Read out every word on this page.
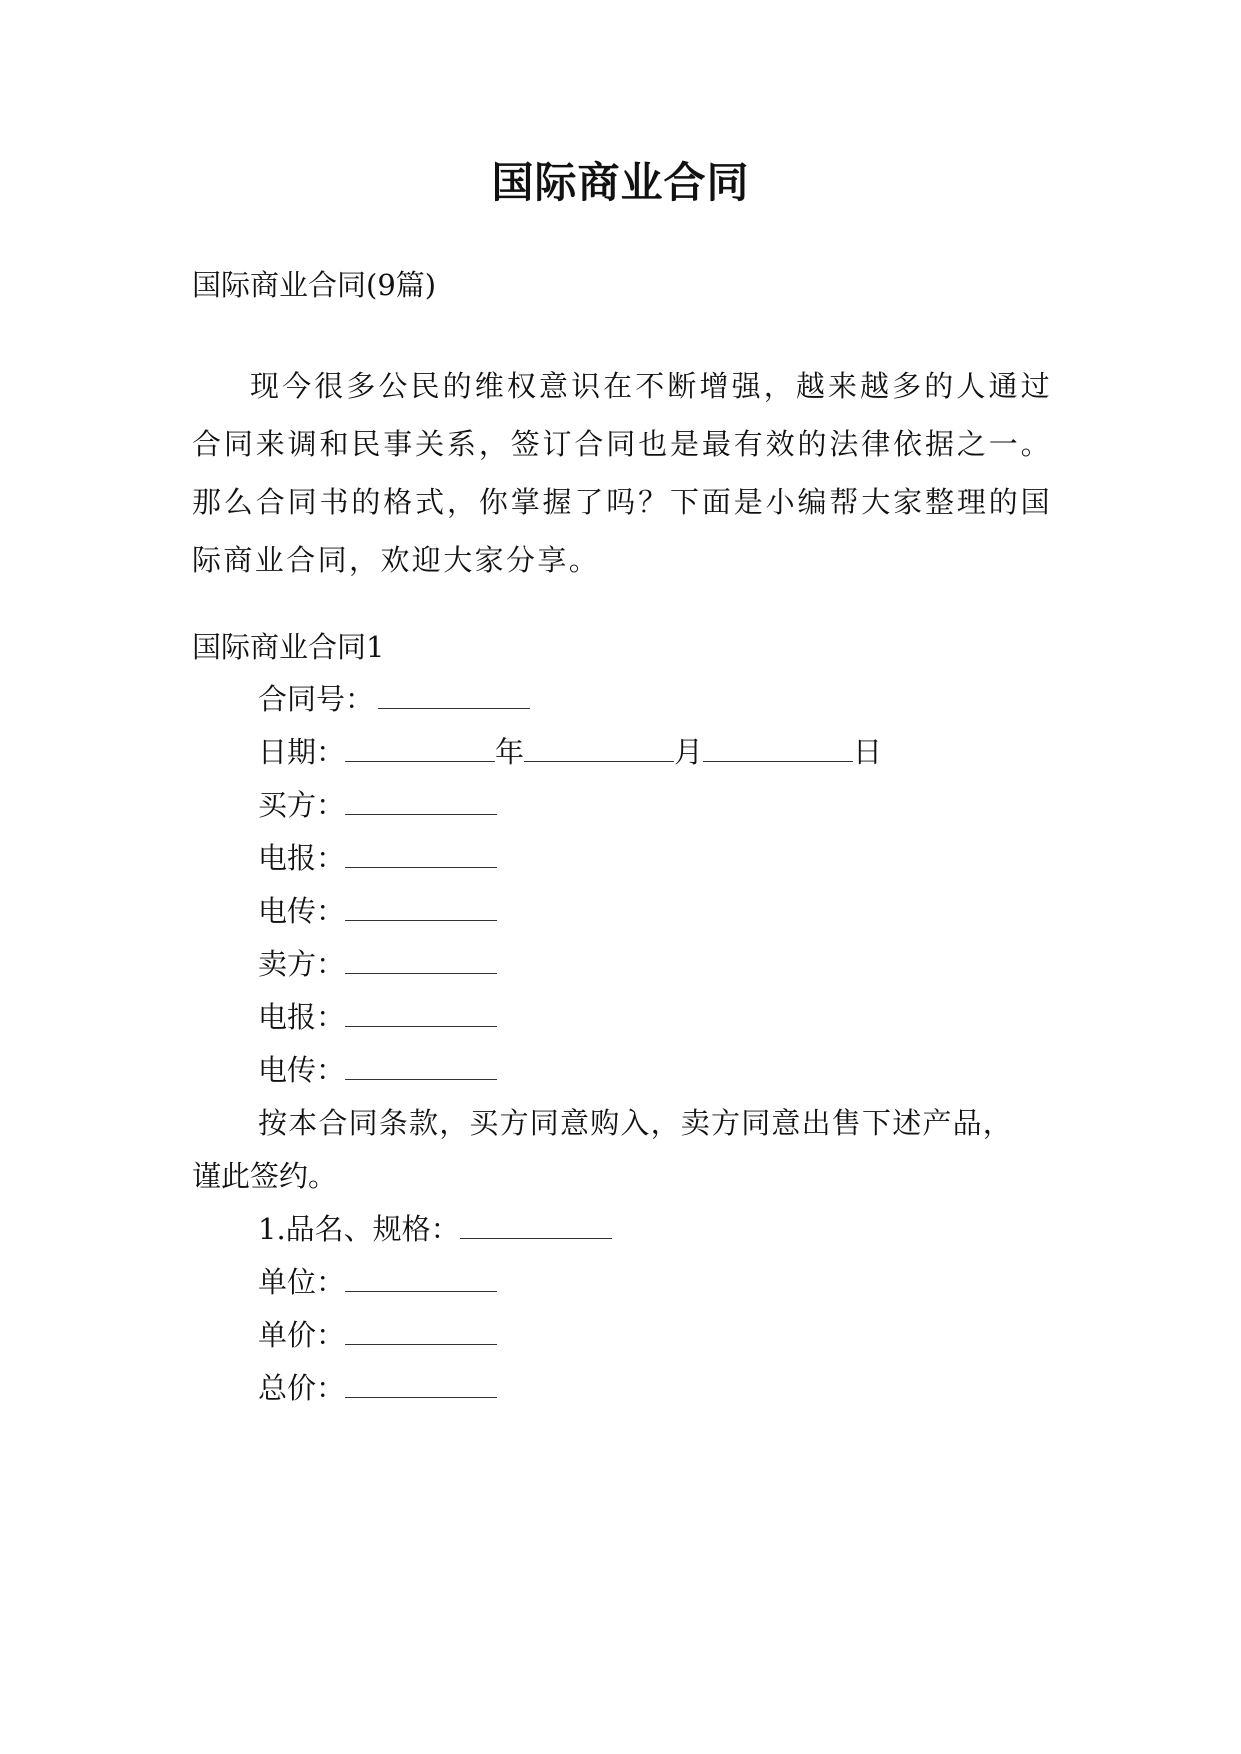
国际商业合同
国际商业合同(9篇)
现今很多公民的维权意识在不断增强，越来越多的人通过合同来调和民事关系，签订合同也是最有效的法律依据之一。那么合同书的格式，你掌握了吗？下面是小编帮大家整理的国际商业合同，欢迎大家分享。
国际商业合同1
合同号：
日期：	年	月	日
买方：
电报：
电传：
卖方：
电报：
电传：
按本合同条款，买方同意购入，卖方同意出售下述产品，
谨此签约。
1.品名、规格：
单位：
单价：
总价：
